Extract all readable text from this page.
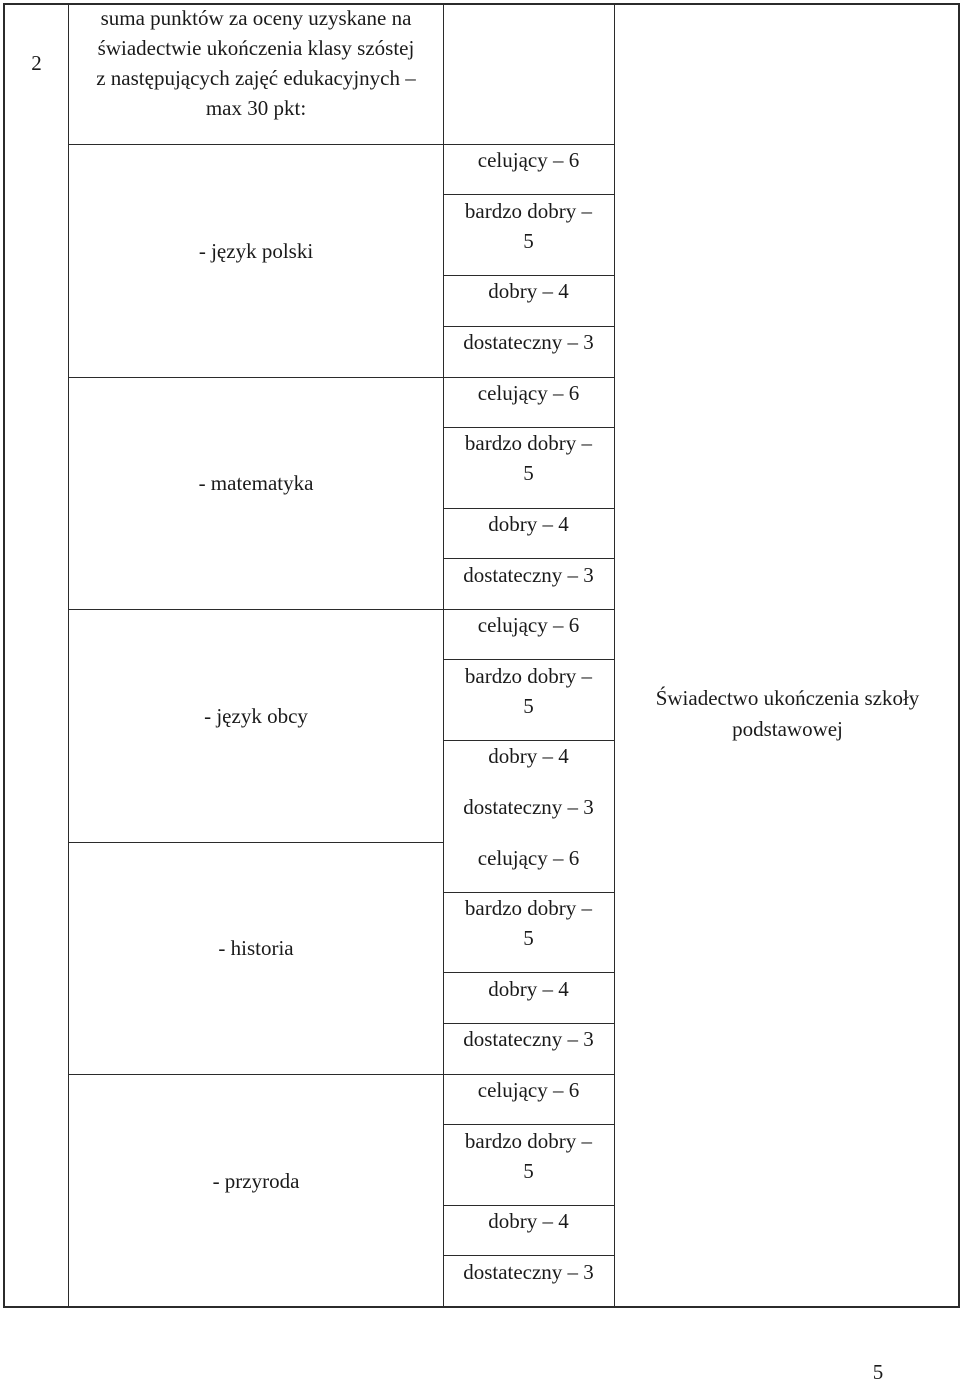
2
suma punktów za oceny uzyskane na
świadectwie ukończenia klasy szóstej
z następujących zajęć edukacyjnych –
max 30 pkt:
- język polski
- matematyka
- język obcy
- historia
- przyroda
celujący – 6
bardzo dobry –
5
dobry – 4
dostateczny – 3
celujący – 6
bardzo dobry –
5
dobry – 4
dostateczny – 3
celujący – 6
bardzo dobry –
5
dobry – 4
dostateczny – 3
celujący – 6
bardzo dobry –
5
dobry – 4
dostateczny – 3
celujący – 6
bardzo dobry –
5
dobry – 4
dostateczny – 3
Świadectwo ukończenia szkoły
podstawowej
5
